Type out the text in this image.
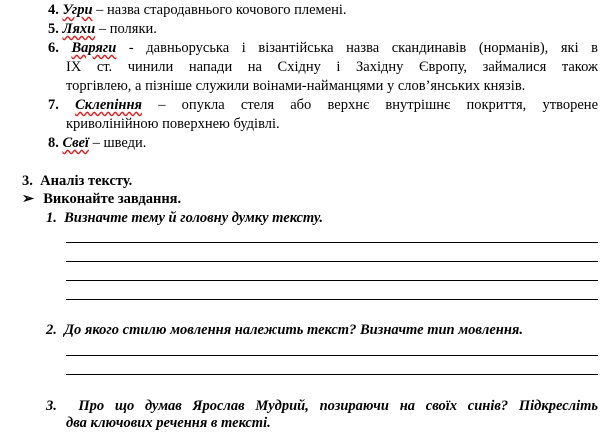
4. Угри – назва стародавнього кочового племені.
5. Ляхи – поляки.
6. Варяги - давньоруська і візантійська назва скандинавів (норманів), які в
IX ст. чинили напади на Східну і Західну Європу, займалися також
торгівлею, а пізніше служили воінами-найманцями у слов’янських князів.
7. Склепіння – опукла стеля або верхнє внутрішнє покриття, утворене
криволінійною поверхнею будівлі.
8. Свеї – шведи.
3. Аналіз тексту.
➢ Виконайте завдання.
1. Визначте тему й головну думку тексту.
2. До якого стилю мовлення належить текст? Визначте тип мовлення.
3. Про що думав Ярослав Мудрий, позираючи на своїх синів? Підкресліть
два ключових речення в тексті.
